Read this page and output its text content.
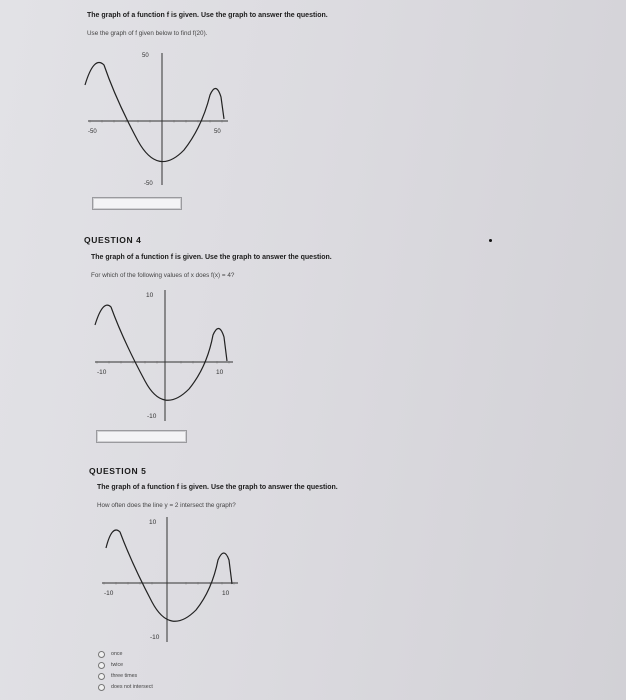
The graph of a function f is given. Use the graph to answer the question.
Use the graph of f given below to find f(20).
50
-50
-50	50
QUESTION 4
The graph of a function f is given. Use the graph to answer the question.
For which of the following values of x does f(x) = 4?
10
-10
-10	10
QUESTION 5
The graph of a function f is given. Use the graph to answer the question.
How often does the line y = 2 intersect the graph?
10
-10
-10	10
once
twice
three times
does not intersect
